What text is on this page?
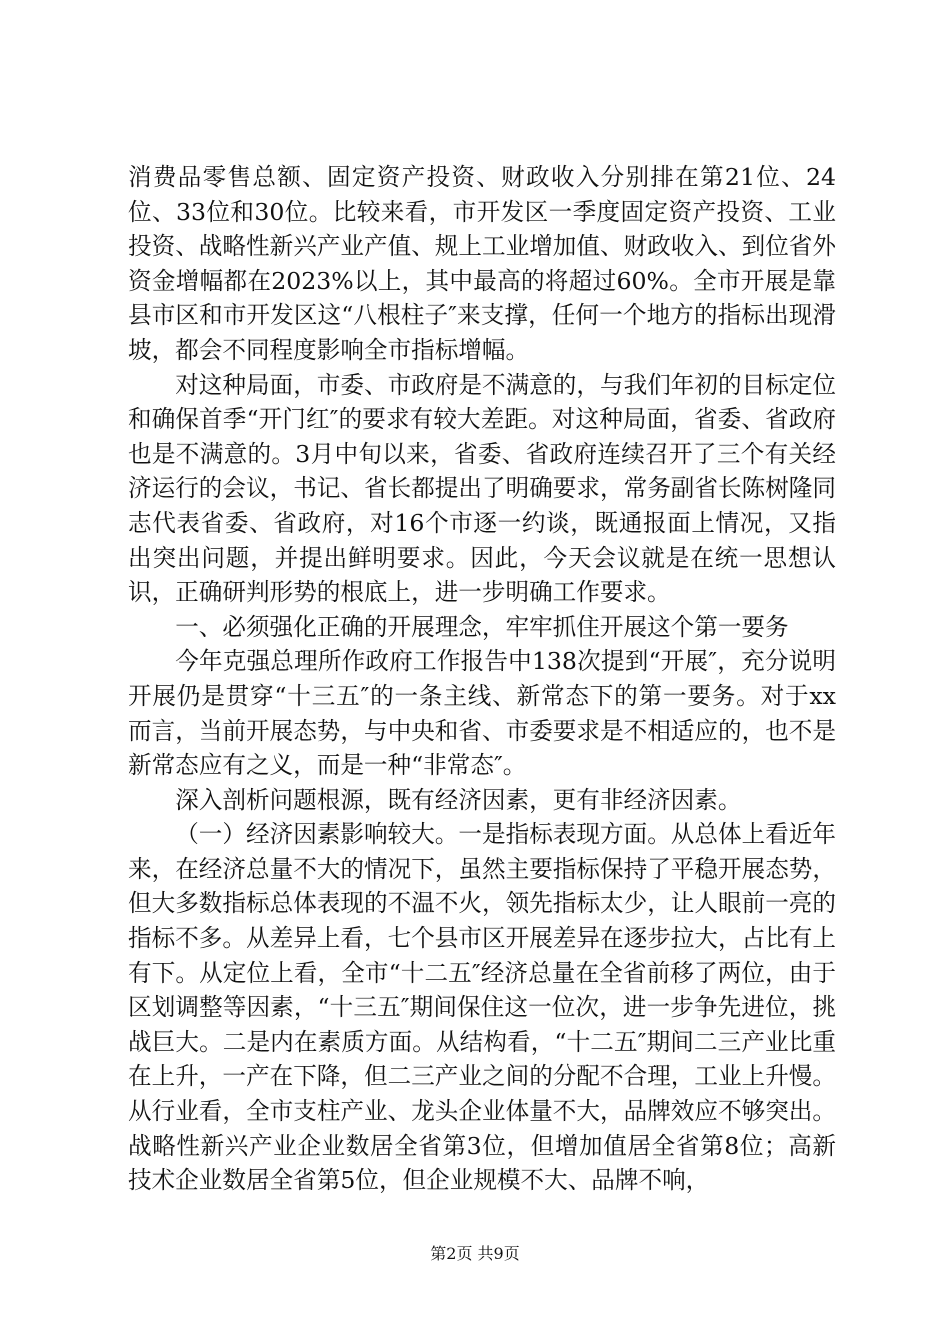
消费品零售总额、固定资产投资、财政收入分别排在第21位、24位、33位和30位。比较来看，市开发区一季度固定资产投资、工业投资、战略性新兴产业产值、规上工业增加值、财政收入、到位省外资金增幅都在2023%以上，其中最高的将超过60%。全市开展是靠县市区和市开发区这“八根柱子″来支撑，任何一个地方的指标出现滑坡，都会不同程度影响全市指标增幅。

对这种局面，市委、市政府是不满意的，与我们年初的目标定位和确保首季“开门红″的要求有较大差距。对这种局面，省委、省政府也是不满意的。3月中旬以来，省委、省政府连续召开了三个有关经济运行的会议，书记、省长都提出了明确要求，常务副省长陈树隆同志代表省委、省政府，对16个市逐一约谈，既通报面上情况，又指出突出问题，并提出鲜明要求。因此，今天会议就是在统一思想认识，正确研判形势的根底上，进一步明确工作要求。

一、必须强化正确的开展理念，牢牢抓住开展这个第一要务

今年克强总理所作政府工作报告中138次提到“开展″，充分说明开展仍是贯穿“十三五″的一条主线、新常态下的第一要务。对于xx而言，当前开展态势，与中央和省、市委要求是不相适应的，也不是新常态应有之义，而是一种“非常态″。

深入剖析问题根源，既有经济因素，更有非经济因素。

（一）经济因素影响较大。一是指标表现方面。从总体上看近年来，在经济总量不大的情况下，虽然主要指标保持了平稳开展态势，但大多数指标总体表现的不温不火，领先指标太少，让人眼前一亮的指标不多。从差异上看，七个县市区开展差异在逐步拉大，占比有上有下。从定位上看，全市“十二五″经济总量在全省前移了两位，由于区划调整等因素，“十三五″期间保住这一位次，进一步争先进位，挑战巨大。二是内在素质方面。从结构看，“十二五″期间二三产业比重在上升，一产在下降，但二三产业之间的分配不合理，工业上升慢。从行业看，全市支柱产业、龙头企业体量不大，品牌效应不够突出。战略性新兴产业企业数居全省第3位，但增加值居全省第8位；高新技术企业数居全省第5位，但企业规模不大、品牌不响，

第2页 共9页
